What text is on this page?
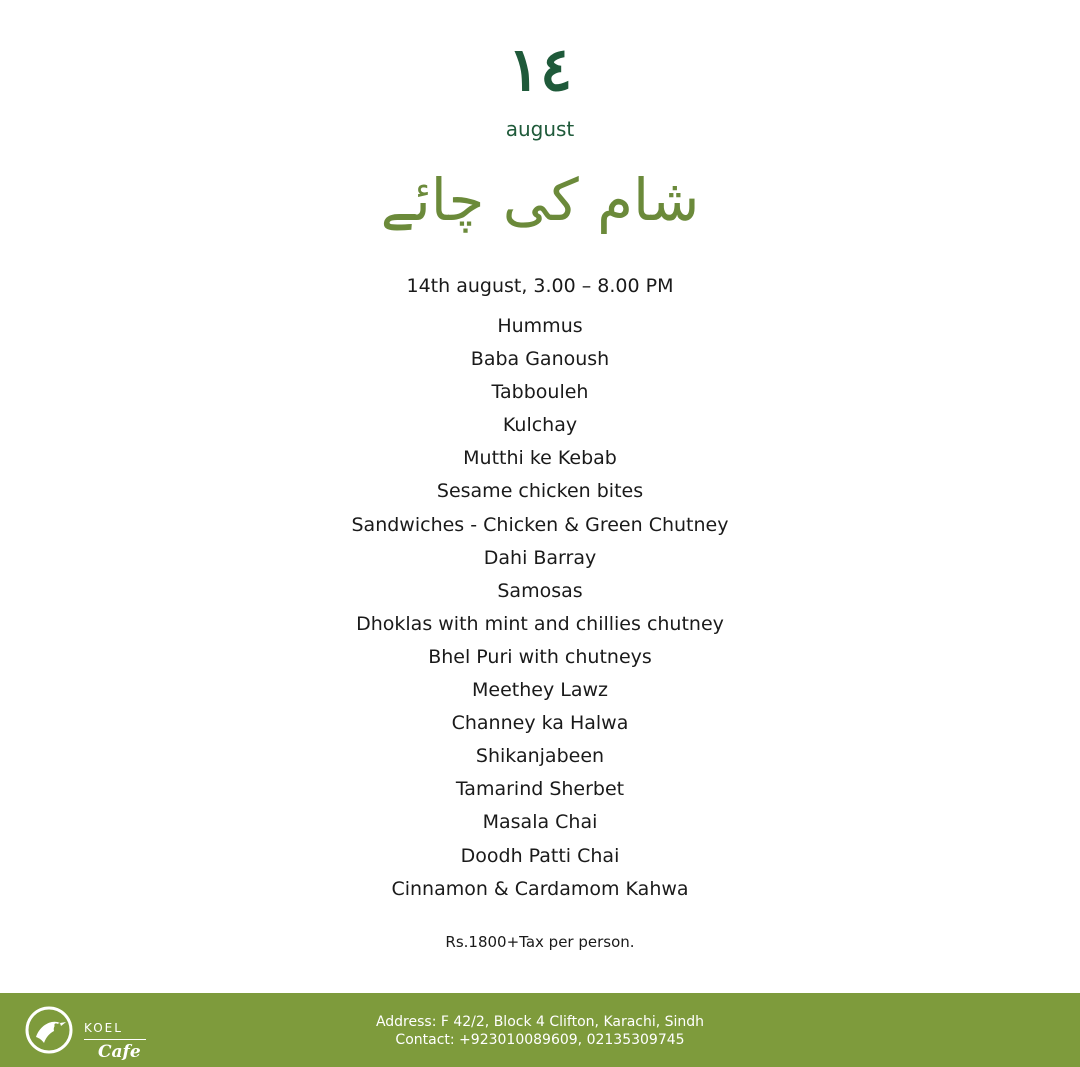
١٤
august
شام کی چائے
14th august, 3.00 – 8.00 PM
Hummus
Baba Ganoush
Tabbouleh
Kulchay
Mutthi ke Kebab
Sesame chicken bites
Sandwiches - Chicken & Green Chutney
Dahi Barray
Samosas
Dhoklas with mint and chillies chutney
Bhel Puri with chutneys
Meethey Lawz
Channey ka Halwa
Shikanjabeen
Tamarind Sherbet
Masala Chai
Doodh Patti Chai
Cinnamon & Cardamom Kahwa
Rs.1800+Tax per person.
KOEL
Cafe
Address: F 42/2, Block 4 Clifton, Karachi, Sindh
Contact: +923010089609, 02135309745
